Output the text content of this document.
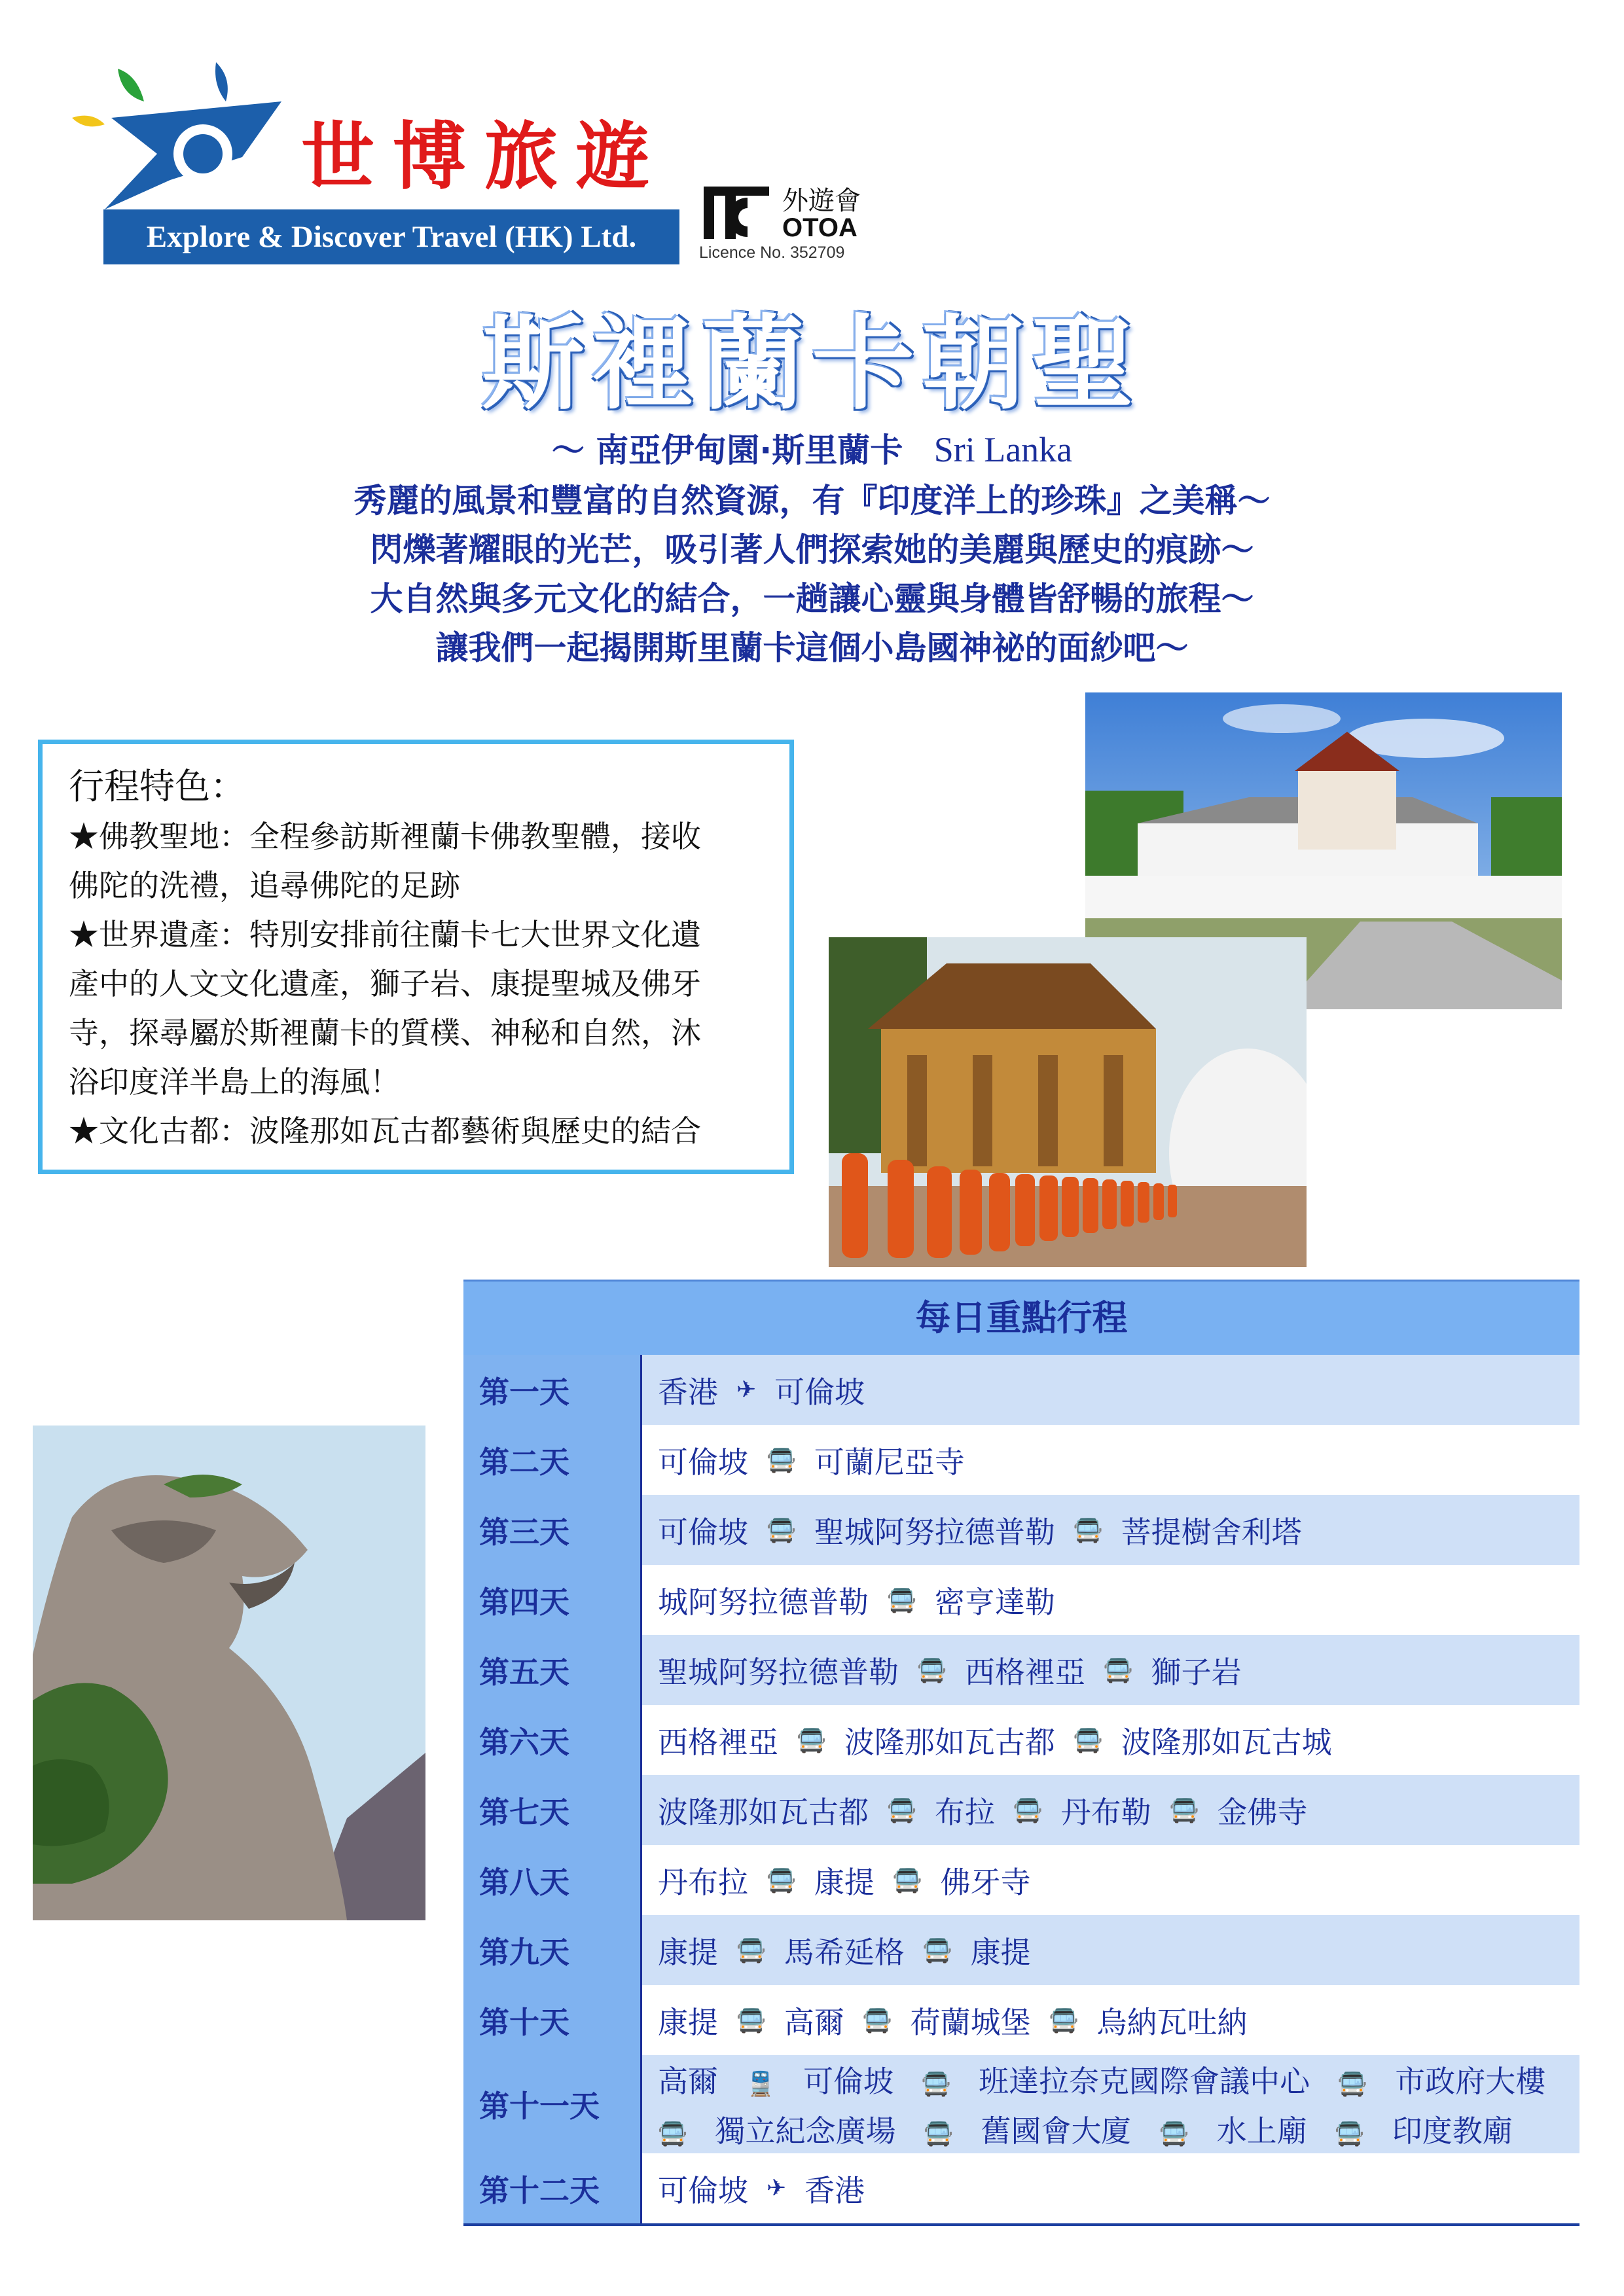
世博旅遊
Explore & Discover Travel (HK) Ltd.
外遊會
OTOA
Licence No. 352709
斯裡蘭卡朝聖
～ 南亞伊甸園·斯里蘭卡 Sri Lanka
秀麗的風景和豐富的自然資源，有『印度洋上的珍珠』之美稱～
閃爍著耀眼的光芒，吸引著人們探索她的美麗與歷史的痕跡～
大自然與多元文化的結合，一趟讓心靈與身體皆舒暢的旅程～
讓我們一起揭開斯里蘭卡這個小島國神祕的面紗吧～
行程特色：
★佛教聖地：全程參訪斯裡蘭卡佛教聖體，接收
佛陀的洗禮，追尋佛陀的足跡
★世界遺產：特別安排前往蘭卡七大世界文化遺
產中的人文文化遺產，獅子岩、康提聖城及佛牙
寺，探尋屬於斯裡蘭卡的質樸、神秘和自然，沐
浴印度洋半島上的海風！
★文化古都：波隆那如瓦古都藝術與歷史的結合
每日重點行程
第一天	香港 ✈ 可倫坡
第二天	可倫坡 🚍 可蘭尼亞寺
第三天	可倫坡 🚍 聖城阿努拉德普勒 🚍 菩提樹舍利塔
第四天	城阿努拉德普勒 🚍 密亨達勒
第五天	聖城阿努拉德普勒 🚍 西格裡亞 🚍 獅子岩
第六天	西格裡亞 🚍 波隆那如瓦古都 🚍 波隆那如瓦古城
第七天	波隆那如瓦古都 🚍 布拉 🚍 丹布勒 🚍 金佛寺
第八天	丹布拉 🚍 康提 🚍 佛牙寺
第九天	康提 🚍 馬希延格 🚍 康提
第十天	康提 🚍 高爾 🚍 荷蘭城堡 🚍 烏納瓦吐納
第十一天
高爾 🚆 可倫坡 🚍 班達拉奈克國際會議中心 🚍 市政府大樓
🚍 獨立紀念廣場 🚍 舊國會大廈 🚍 水上廟 🚍 印度教廟
第十二天	可倫坡 ✈ 香港
